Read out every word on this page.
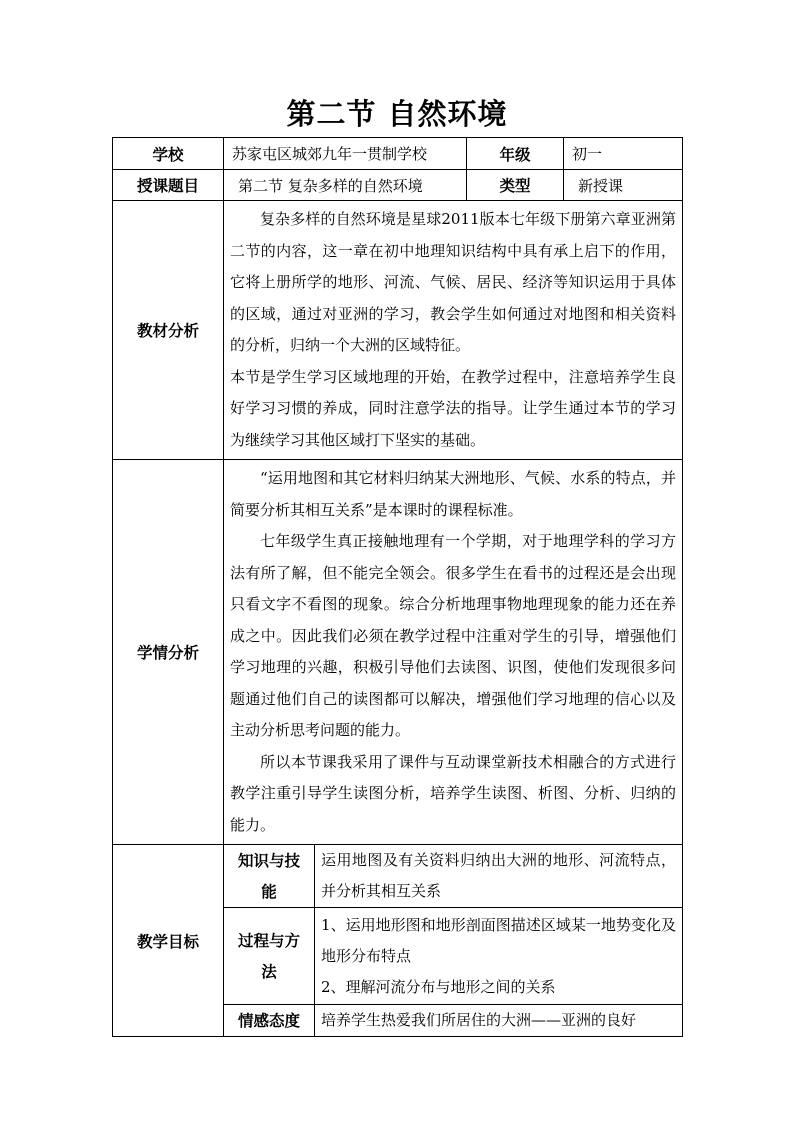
第二节 自然环境
学校	苏家屯区城郊九年一贯制学校		年级	初一
授课题目	第二节 复杂多样的自然环境		类型	新授课
教材分析	复杂多样的自然环境是星球2011版本七年级下册第六章亚洲第二节的内容，这一章在初中地理知识结构中具有承上启下的作用，它将上册所学的地形、河流、气候、居民、经济等知识运用于具体的区域，通过对亚洲的学习，教会学生如何通过对地图和相关资料的分析，归纳一个大洲的区域特征。

本节是学生学习区域地理的开始，在教学过程中，注意培养学生良好学习习惯的养成，同时注意学法的指导。让学生通过本节的学习为继续学习其他区域打下坚实的基础。			

学情分析	“运用地图和其它材料归纳某大洲地形、气候、水系的特点，并简要分析其相互关系”是本课时的课程标准。

七年级学生真正接触地理有一个学期，对于地理学科的学习方法有所了解，但不能完全领会。很多学生在看书的过程还是会出现只看文字不看图的现象。综合分析地理事物地理现象的能力还在养成之中。因此我们必须在教学过程中注重对学生的引导，增强他们学习地理的兴趣，积极引导他们去读图、识图，使他们发现很多问题通过他们自己的读图都可以解决，增强他们学习地理的信心以及主动分析思考问题的能力。

所以本节课我采用了课件与互动课堂新技术相融合的方式进行教学注重引导学生读图分析，培养学生读图、析图、分析、归纳的能力。			

教学目标	知识与技能	运用地图及有关资料归纳出大洲的地形、河流特点，并分析其相互关系		

	过程与方法	1、运用地形图和地形剖面图描述区域某一地势变化及地形分布特点

2、理解河流分布与地形之间的关系		

	情感态度	培养学生热爱我们所居住的大洲——亚洲的良好		
